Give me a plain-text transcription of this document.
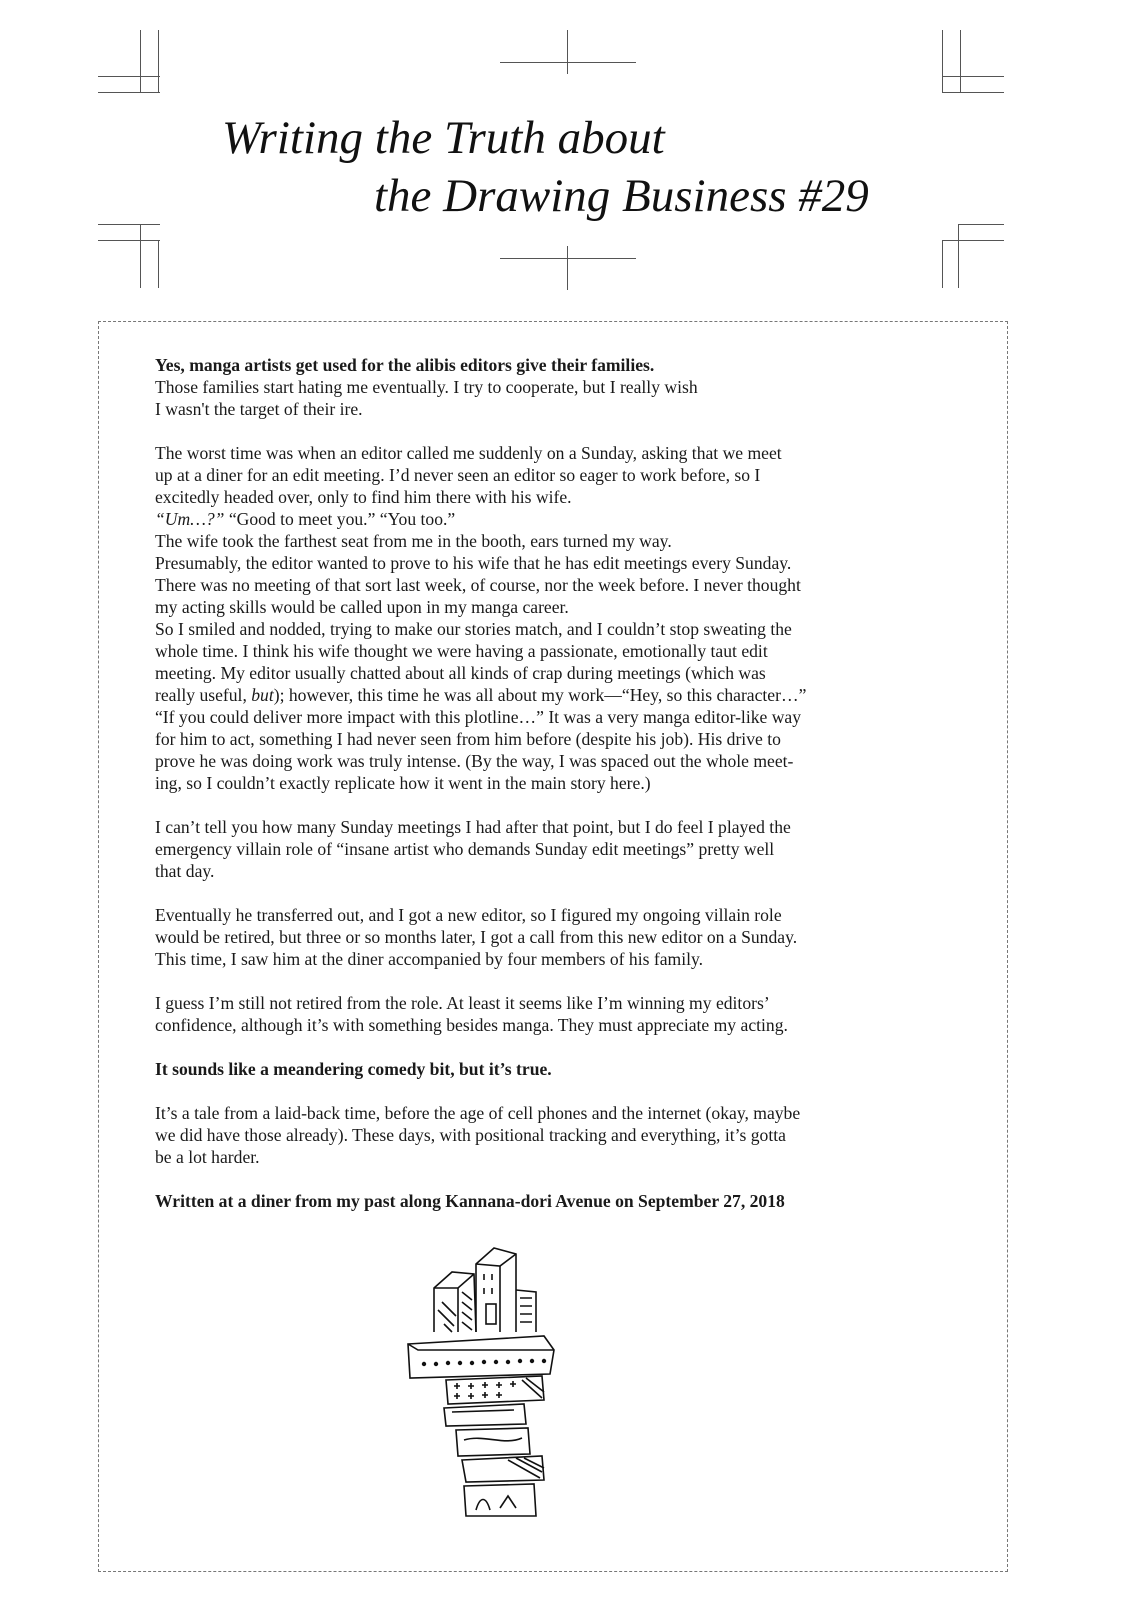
Writing the Truth about
the Drawing Business #29

Yes, manga artists get used for the alibis editors give their families.

Those families start hating me eventually. I try to cooperate, but I really wish
I wasn't the target of their ire.

The worst time was when an editor called me suddenly on a Sunday, asking that we meet
up at a diner for an edit meeting. I’d never seen an editor so eager to work before, so I
excitedly headed over, only to find him there with his wife.
“Um…?” “Good to meet you.” “You too.”
The wife took the farthest seat from me in the booth, ears turned my way.
Presumably, the editor wanted to prove to his wife that he has edit meetings every Sunday.
There was no meeting of that sort last week, of course, nor the week before. I never thought
my acting skills would be called upon in my manga career.
So I smiled and nodded, trying to make our stories match, and I couldn’t stop sweating the
whole time. I think his wife thought we were having a passionate, emotionally taut edit
meeting. My editor usually chatted about all kinds of crap during meetings (which was
really useful, but); however, this time he was all about my work—“Hey, so this character…”
“If you could deliver more impact with this plotline…” It was a very manga editor-like way
for him to act, something I had never seen from him before (despite his job). His drive to
prove he was doing work was truly intense. (By the way, I was spaced out the whole meet-
ing, so I couldn’t exactly replicate how it went in the main story here.)

I can’t tell you how many Sunday meetings I had after that point, but I do feel I played the
emergency villain role of “insane artist who demands Sunday edit meetings” pretty well
that day.

Eventually he transferred out, and I got a new editor, so I figured my ongoing villain role
would be retired, but three or so months later, I got a call from this new editor on a Sunday.
This time, I saw him at the diner accompanied by four members of his family.

I guess I’m still not retired from the role. At least it seems like I’m winning my editors’
confidence, although it’s with something besides manga. They must appreciate my acting.

It sounds like a meandering comedy bit, but it’s true.

It’s a tale from a laid-back time, before the age of cell phones and the internet (okay, maybe
we did have those already). These days, with positional tracking and everything, it’s gotta
be a lot harder.

Written at a diner from my past along Kannana-dori Avenue on September 27, 2018
